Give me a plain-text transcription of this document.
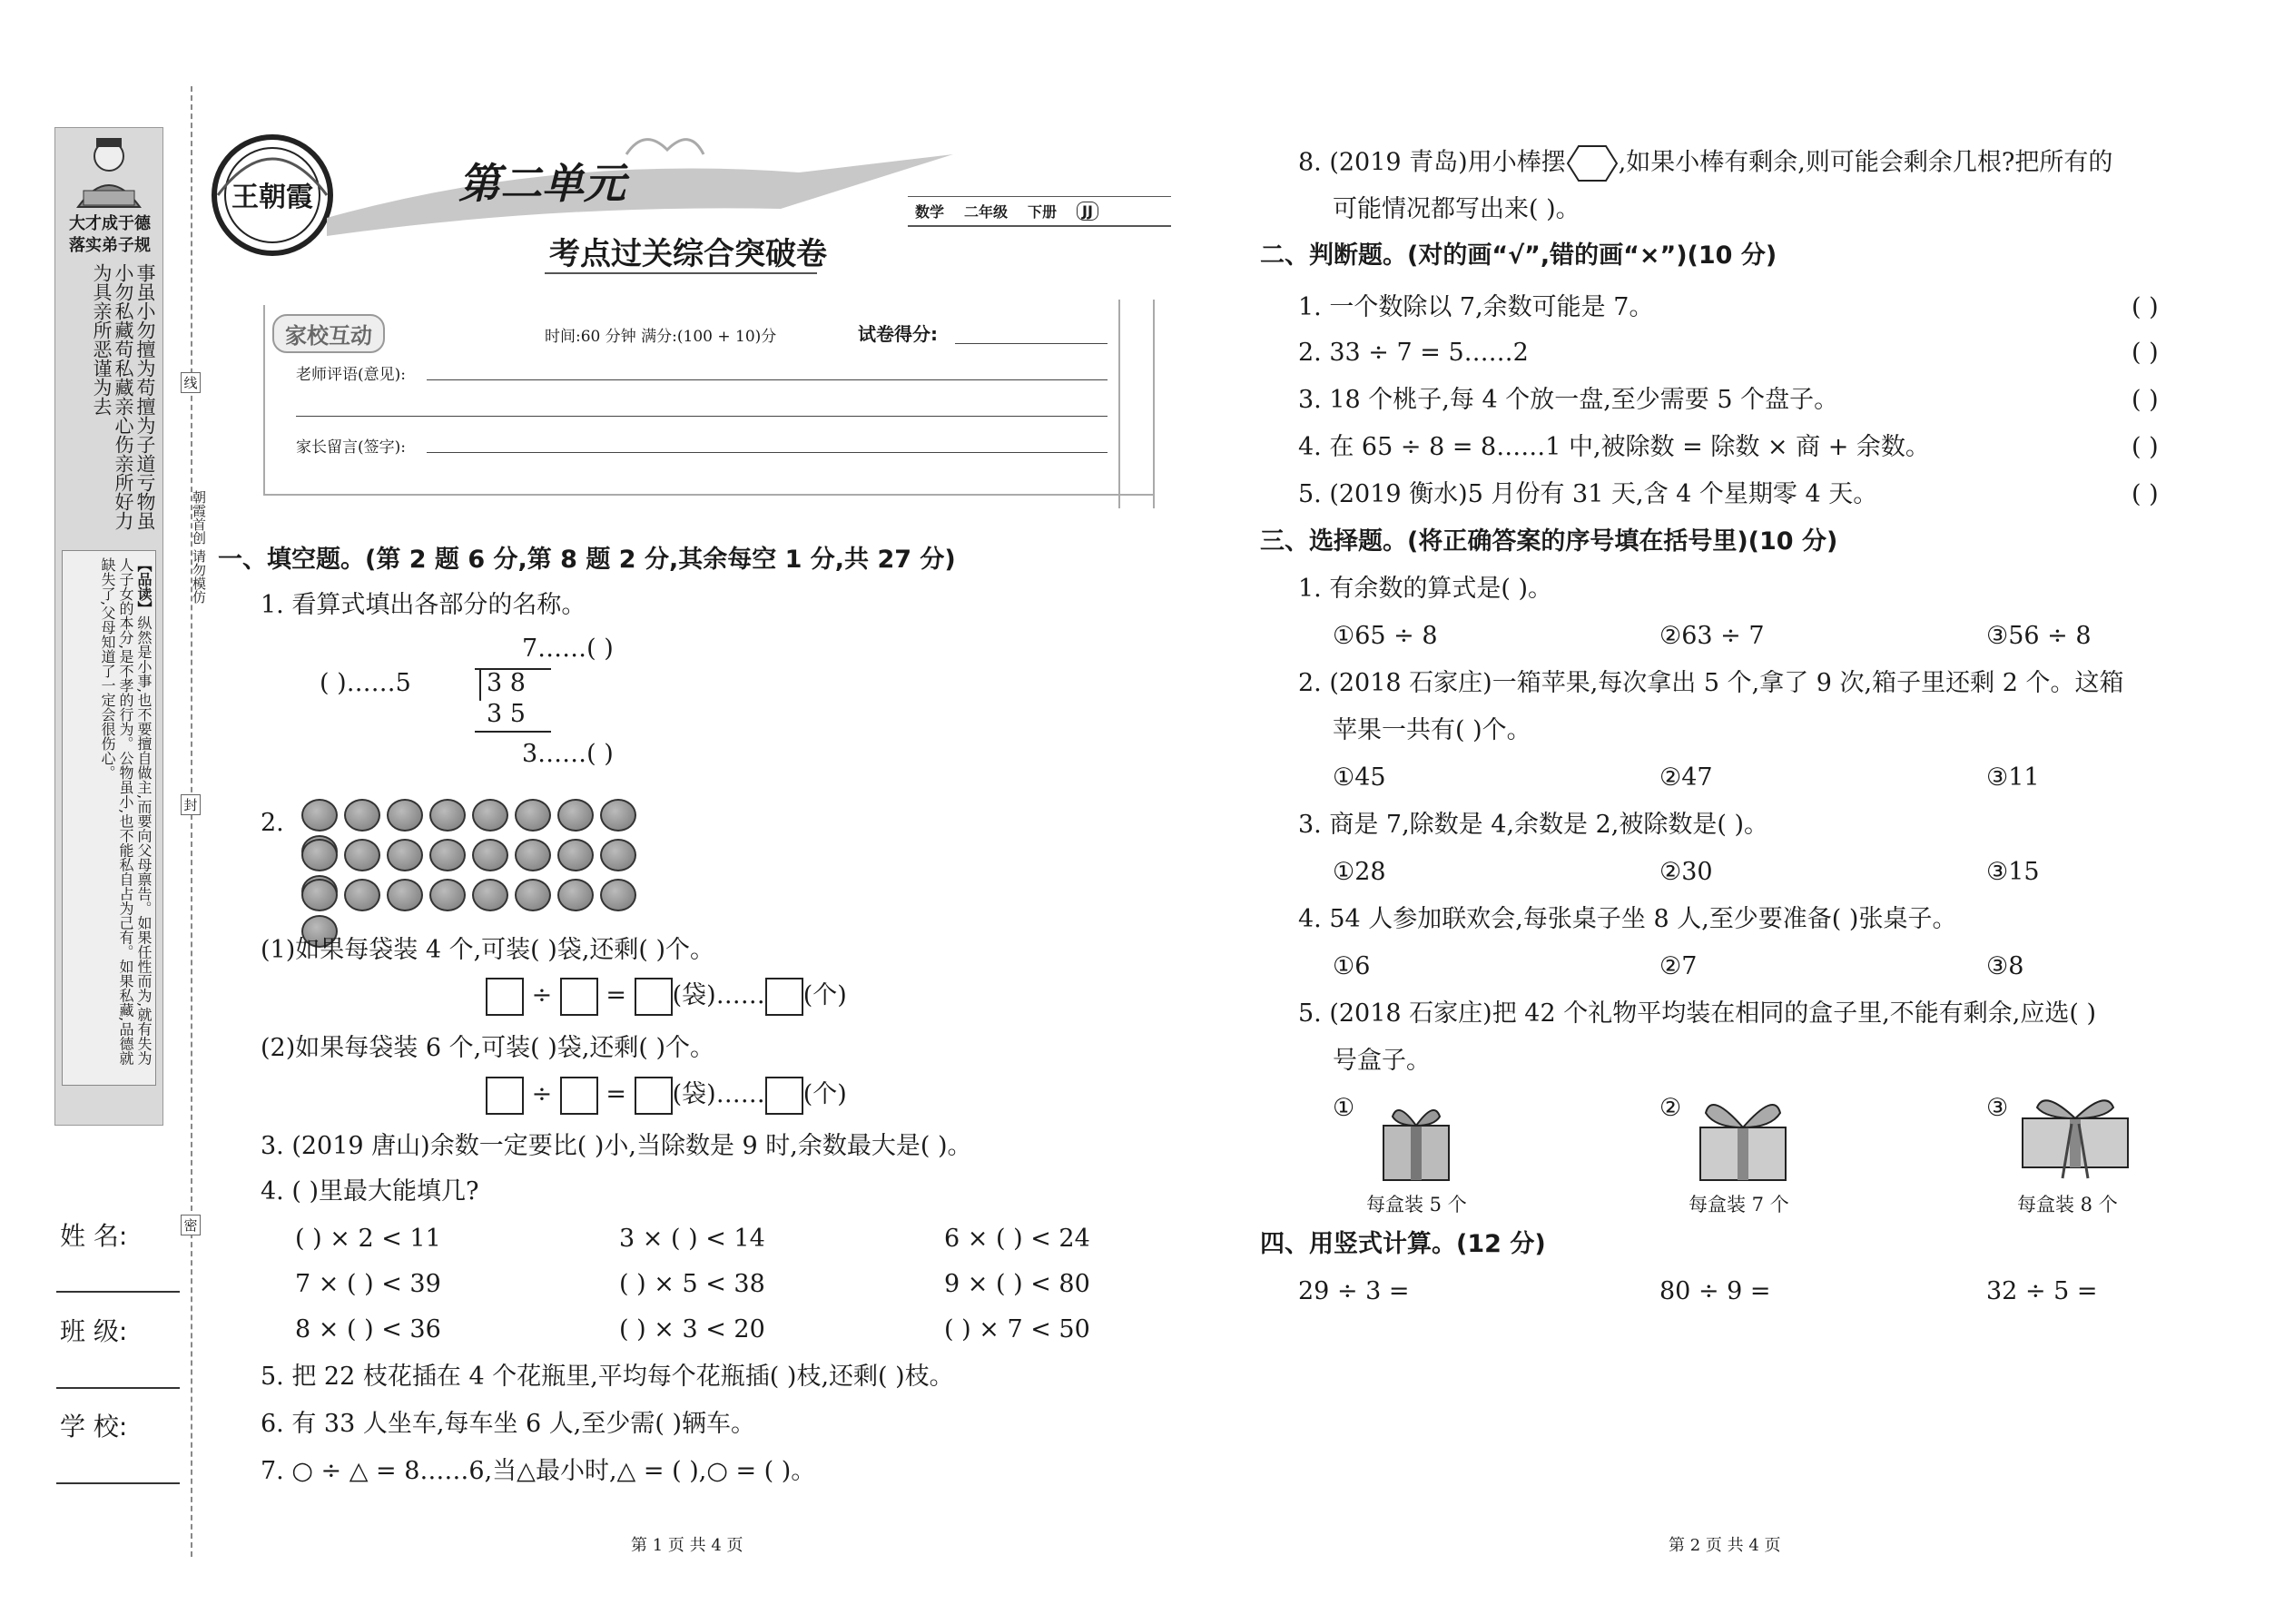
大才成于德
落实弟子规
事虽小勿擅为苟擅为子道亏物虽小勿私藏苟私藏亲心伤亲所好力为具亲所恶谨为去
【品读】纵然是小事,也不要擅自做主,而要向父母禀告。如果任性而为,就有失为人子女的本分,是不孝的行为。公物虽小,也不能私自占为己有。如果私藏,品德就缺失了,父母知道了一定会很伤心。
朝霞首创 请勿模仿
线
封
密
姓 名:
班 级:
学 校:
王朝霞	第二单元
考点过关综合突破卷
数学 二年级 下册	JJ
家校互动	时间:60 分钟 满分:(100 + 10)分	试卷得分:
老师评语(意见):
家长留言(签字):
一、填空题。(第 2 题 6 分,第 8 题 2 分,其余每空 1 分,共 27 分)
1. 看算式填出各部分的名称。
7……( )
( )……5	3 8
3 5
3……( )
2.
(1)如果每袋装 4 个,可装( )袋,还剩( )个。
÷ = (袋)…… (个)
(2)如果每袋装 6 个,可装( )袋,还剩( )个。
÷ = (袋)…… (个)
3. (2019 唐山)余数一定要比( )小,当除数是 9 时,余数最大是( )。
4. ( )里最大能填几?
( ) × 2 < 11	3 × ( ) < 14	6 × ( ) < 24
7 × ( ) < 39	( ) × 5 < 38	9 × ( ) < 80
8 × ( ) < 36	( ) × 3 < 20	( ) × 7 < 50
5. 把 22 枝花插在 4 个花瓶里,平均每个花瓶插( )枝,还剩( )枝。
6. 有 33 人坐车,每车坐 6 人,至少需( )辆车。
7. ○ ÷ △ = 8……6,当△最小时,△ = ( ),○ = ( )。
第 1 页 共 4 页
8. (2019 青岛)用小棒摆 ,如果小棒有剩余,则可能会剩余几根?把所有的
可能情况都写出来( )。
二、判断题。(对的画“√”,错的画“×”)(10 分)
1. 一个数除以 7,余数可能是 7。	( )
2. 33 ÷ 7 = 5……2	( )
3. 18 个桃子,每 4 个放一盘,至少需要 5 个盘子。	( )
4. 在 65 ÷ 8 = 8……1 中,被除数 = 除数 × 商 + 余数。	( )
5. (2019 衡水)5 月份有 31 天,含 4 个星期零 4 天。	( )
三、选择题。(将正确答案的序号填在括号里)(10 分)
1. 有余数的算式是( )。
①65 ÷ 8	②63 ÷ 7	③56 ÷ 8
2. (2018 石家庄)一箱苹果,每次拿出 5 个,拿了 9 次,箱子里还剩 2 个。这箱
苹果一共有( )个。
①45	②47	③11
3. 商是 7,除数是 4,余数是 2,被除数是( )。
①28	②30	③15
4. 54 人参加联欢会,每张桌子坐 8 人,至少要准备( )张桌子。
①6	②7	③8
5. (2018 石家庄)把 42 个礼物平均装在相同的盒子里,不能有剩余,应选( )
号盒子。
①
每盒装 5 个
②
每盒装 7 个
③
每盒装 8 个
四、用竖式计算。(12 分)
29 ÷ 3 =	80 ÷ 9 =	32 ÷ 5 =
第 2 页 共 4 页
